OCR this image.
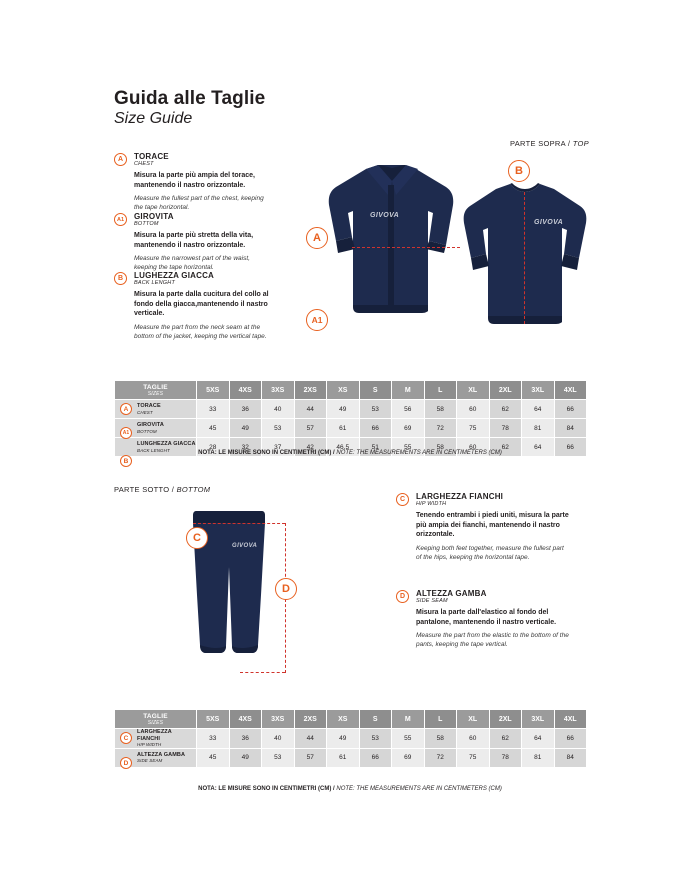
Guida alle Taglie
Size Guide
PARTE SOPRA / TOP
A	TORACE
CHEST
Misura la parte più ampia del torace, mantenendo il nastro orizzontale.
Measure the fullest part of the chest, keeping the tape horizontal.
A1	GIROVITA
BOTTOM
Misura la parte più stretta della vita, mantenendo il nastro orizzontale.
Measure the narrowest part of the waist, keeping the tape horizontal.
B	LUGHEZZA GIACCA
BACK LENGHT
Misura la parte dalla cucitura del collo al fondo della giacca,mantenendo il nastro verticale.
Measure the part from the neck seam at the bottom of the jacket, keeping the vertical tape.
GIVOVA
A
A1
GIVOVA
B
TAGLIE
SIZES	5XS	4XS	3XS	2XS	XS	S	M	L	XL	2XL	3XL	4XL

TORACE
CHEST	33	36	40	44	49	53	56	58	60	62	64	66

GIROVITA
BOTTOM	45	49	53	57	61	66	69	72	75	78	81	84

LUNGHEZZA GIACCA
BACK LENGHT	28	32	37	42	46,5	51	55	58	60	62	64	66
A
A1
B
NOTA: LE MISURE SONO IN CENTIMETRI (CM) / NOTE: THE MEASUREMENTS ARE IN CENTIMETERS (CM)
PARTE SOTTO / BOTTOM
GIVOVA
C
D
C	LARGHEZZA FIANCHI
HIP WIDTH
Tenendo entrambi i piedi uniti, misura la parte più ampia dei fianchi, mantenendo il nastro orizzontale.
Keeping both feet together, measure the fullest part of the hips, keeping the horizontal tape.
D	ALTEZZA GAMBA
SIDE SEAM
Misura la parte dall'elastico al fondo del pantalone, mantenendo il nastro verticale.
Measure the part from the elastic to the bottom of the pants, keeping the tape vertical.
TAGLIE
SIZES	5XS	4XS	3XS	2XS	XS	S	M	L	XL	2XL	3XL	4XL

LARGHEZZA FIANCHI
HIP WIDTH	33	36	40	44	49	53	55	58	60	62	64	66

ALTEZZA GAMBA
SIDE SEAM	45	49	53	57	61	66	69	72	75	78	81	84
C
D
NOTA: LE MISURE SONO IN CENTIMETRI (CM) / NOTE: THE MEASUREMENTS ARE IN CENTIMETERS (CM)
